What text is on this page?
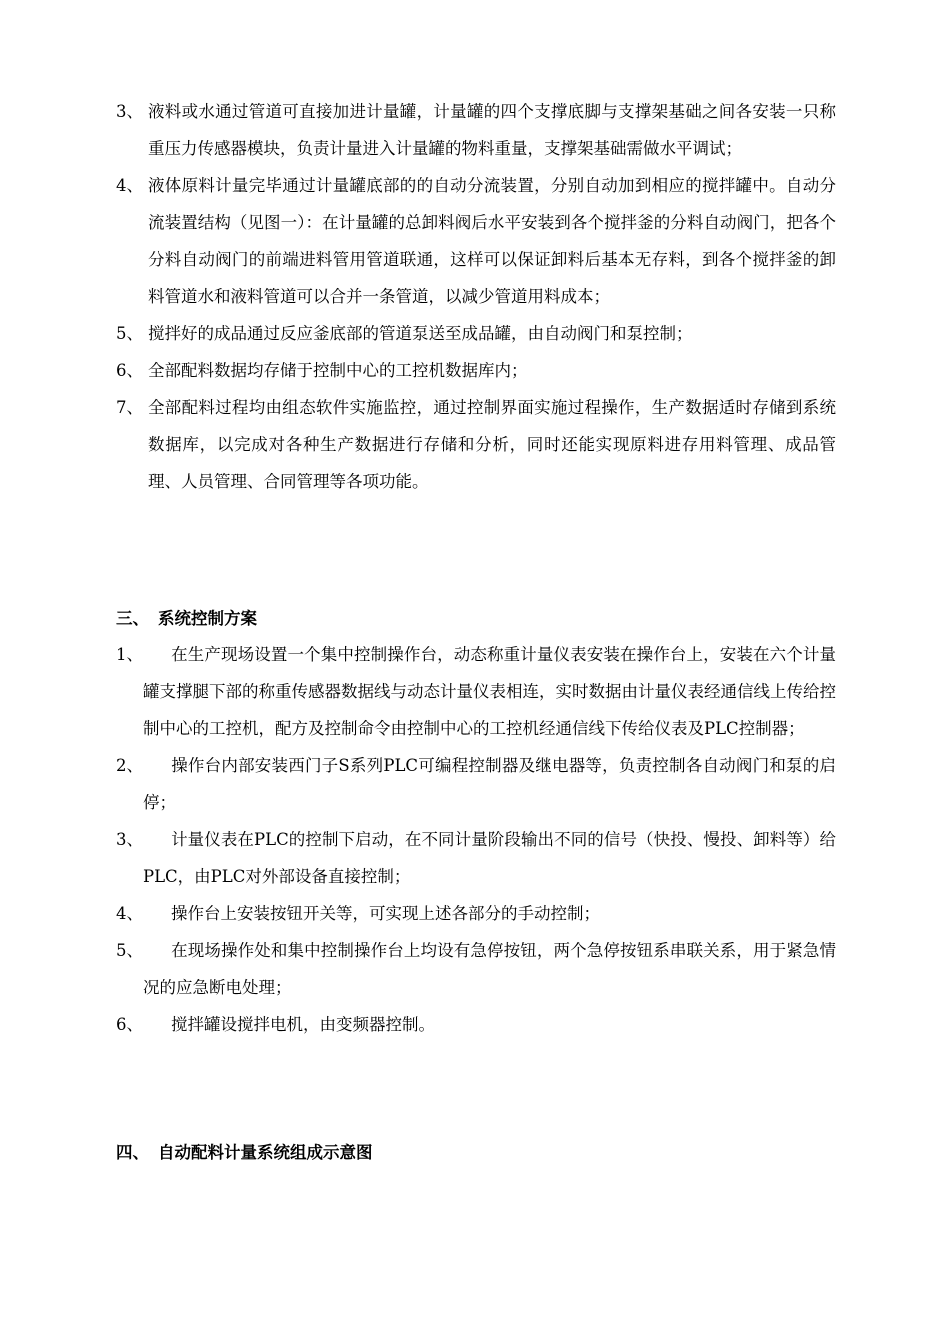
3、 液料或水通过管道可直接加进计量罐，计量罐的四个支撑底脚与支撑架基础之间各安装一只称重压力传感器模块，负责计量进入计量罐的物料重量，支撑架基础需做水平调试；
4、 液体原料计量完毕通过计量罐底部的的自动分流装置，分别自动加到相应的搅拌罐中。自动分流装置结构（见图一）：在计量罐的总卸料阀后水平安装到各个搅拌釜的分料自动阀门，把各个分料自动阀门的前端进料管用管道联通，这样可以保证卸料后基本无存料，到各个搅拌釜的卸料管道水和液料管道可以合并一条管道，以减少管道用料成本；
5、 搅拌好的成品通过反应釜底部的管道泵送至成品罐，由自动阀门和泵控制；
6、 全部配料数据均存储于控制中心的工控机数据库内；
7、 全部配料过程均由组态软件实施监控，通过控制界面实施过程操作，生产数据适时存储到系统数据库，以完成对各种生产数据进行存储和分析，同时还能实现原料进存用料管理、成品管理、人员管理、合同管理等各项功能。
三、 系统控制方案
1、 在生产现场设置一个集中控制操作台，动态称重计量仪表安装在操作台上，安装在六个计量罐支撑腿下部的称重传感器数据线与动态计量仪表相连，实时数据由计量仪表经通信线上传给控制中心的工控机，配方及控制命令由控制中心的工控机经通信线下传给仪表及PLC控制器；
2、 操作台内部安装西门子S系列PLC可编程控制器及继电器等，负责控制各自动阀门和泵的启停；
3、 计量仪表在PLC的控制下启动，在不同计量阶段输出不同的信号（快投、慢投、卸料等）给PLC，由PLC对外部设备直接控制；
4、 操作台上安装按钮开关等，可实现上述各部分的手动控制；
5、 在现场操作处和集中控制操作台上均设有急停按钮，两个急停按钮系串联关系，用于紧急情况的应急断电处理；
6、 搅拌罐设搅拌电机，由变频器控制。
四、 自动配料计量系统组成示意图
